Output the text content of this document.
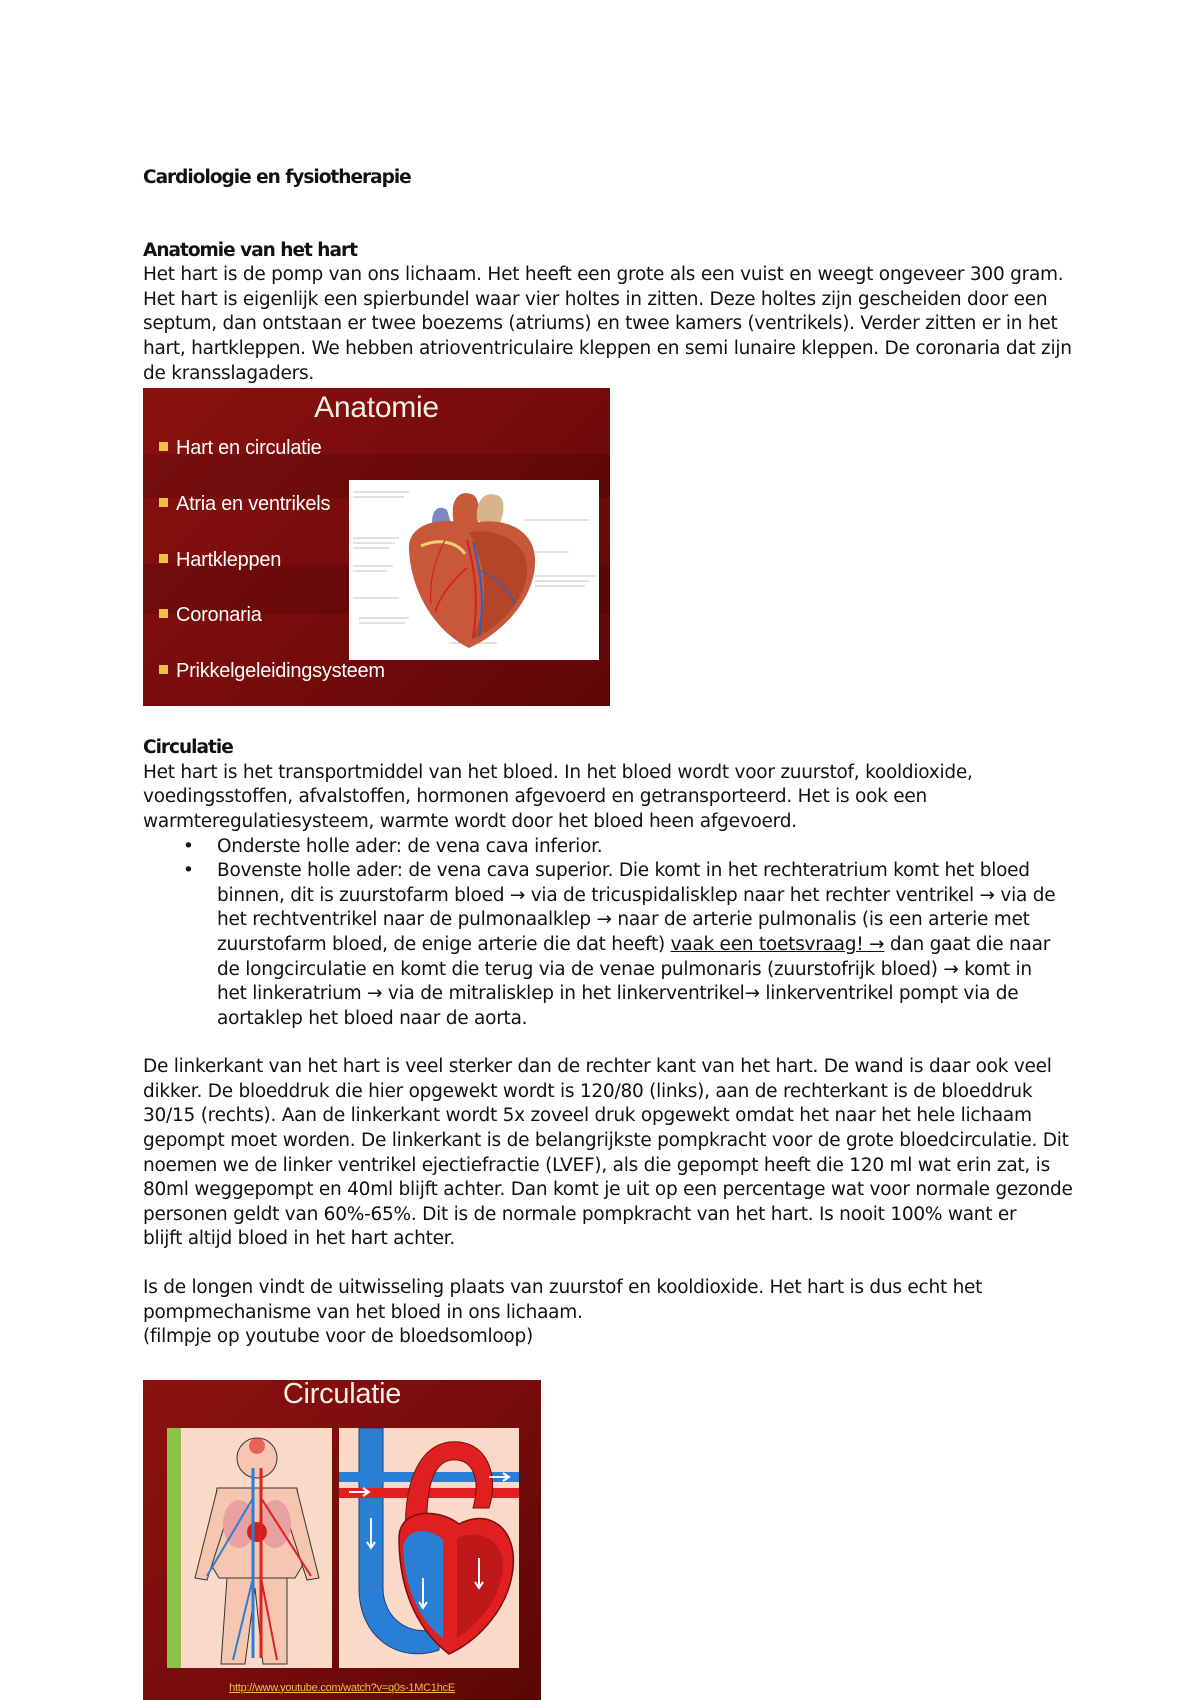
Cardiologie en fysiotherapie

Anatomie van het hart

Het hart is de pomp van ons lichaam. Het heeft een grote als een vuist en weegt ongeveer 300 gram.

Het hart is eigenlijk een spierbundel waar vier holtes in zitten. Deze holtes zijn gescheiden door een

septum, dan ontstaan er twee boezems (atriums) en twee kamers (ventrikels). Verder zitten er in het

hart, hartkleppen. We hebben atrioventriculaire kleppen en semi lunaire kleppen. De coronaria dat zijn

de kransslagaders.

Anatomie
Hart en circulatie
Atria en ventrikels
Hartkleppen
Coronaria
Prikkelgeleidingsysteem

Circulatie

Het hart is het transportmiddel van het bloed. In het bloed wordt voor zuurstof, kooldioxide,

voedingsstoffen, afvalstoffen, hormonen afgevoerd en getransporteerd. Het is ook een

warmteregulatiesysteem, warmte wordt door het bloed heen afgevoerd.

• Onderste holle ader: de vena cava inferior.
• Bovenste holle ader: de vena cava superior. Die komt in het rechteratrium komt het bloed
binnen, dit is zuurstofarm bloed → via de tricuspidalisklep naar het rechter ventrikel → via de
het rechtventrikel naar de pulmonaalklep → naar de arterie pulmonalis (is een arterie met
zuurstofarm bloed, de enige arterie die dat heeft) vaak een toetsvraag! → dan gaat die naar
de longcirculatie en komt die terug via de venae pulmonaris (zuurstofrijk bloed) → komt in
het linkeratrium → via de mitralisklep in het linkerventrikel→ linkerventrikel pompt via de
aortaklep het bloed naar de aorta.

De linkerkant van het hart is veel sterker dan de rechter kant van het hart. De wand is daar ook veel

dikker. De bloeddruk die hier opgewekt wordt is 120/80 (links), aan de rechterkant is de bloeddruk

30/15 (rechts). Aan de linkerkant wordt 5x zoveel druk opgewekt omdat het naar het hele lichaam

gepompt moet worden. De linkerkant is de belangrijkste pompkracht voor de grote bloedcirculatie. Dit

noemen we de linker ventrikel ejectiefractie (LVEF), als die gepompt heeft die 120 ml wat erin zat, is

80ml weggepompt en 40ml blijft achter. Dan komt je uit op een percentage wat voor normale gezonde

personen geldt van 60%-65%. Dit is de normale pompkracht van het hart. Is nooit 100% want er

blijft altijd bloed in het hart achter.

Is de longen vindt de uitwisseling plaats van zuurstof en kooldioxide. Het hart is dus echt het

pompmechanisme van het bloed in ons lichaam.

(filmpje op youtube voor de bloedsomloop)

Circulatie
http://www.youtube.com/watch?v=q0s-1MC1hcE
